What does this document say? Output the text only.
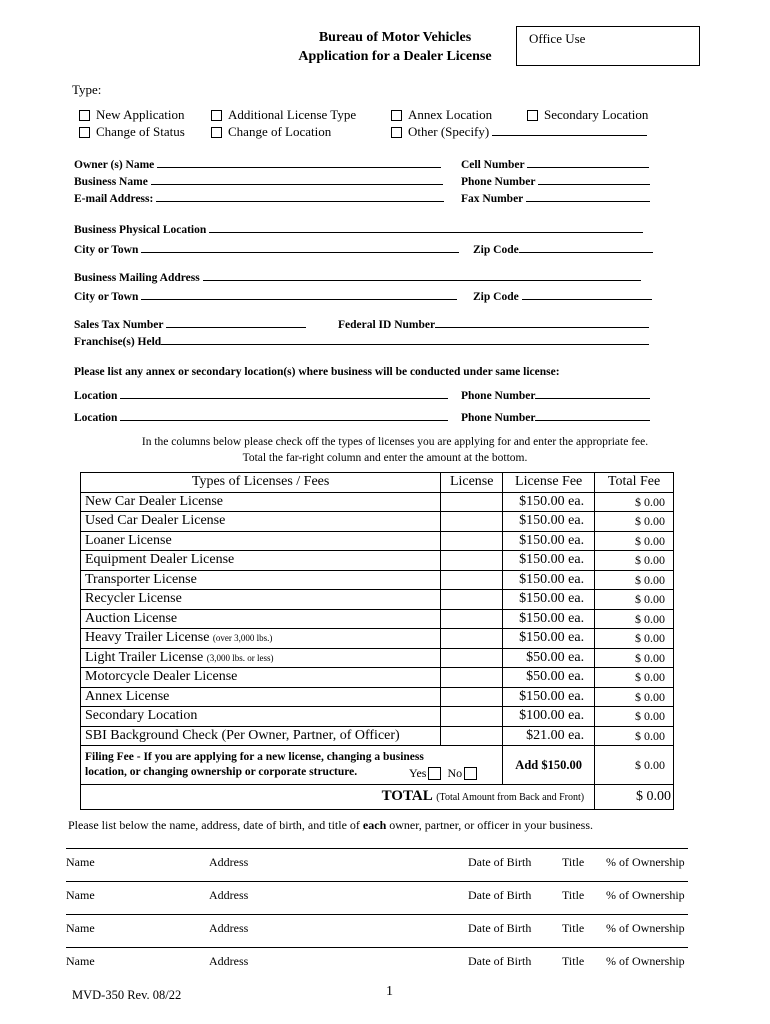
Bureau of Motor Vehicles
Application for a Dealer License
Office Use
Type:
New Application
Change of Status
Additional License Type
Change of Location
Annex Location
Other (Specify)
Secondary Location
Owner (s) Name
Business Name
E-mail Address:
Cell Number
Phone Number
Fax Number
Business Physical Location
City or Town	Zip Code
Business Mailing Address
City or Town	Zip Code
Sales Tax Number	Federal ID Number
Franchise(s) Held
Please list any annex or secondary location(s) where business will be conducted under same license:
Location	Phone Number
Location	Phone Number
In the columns below please check off the types of licenses you are applying for and enter the appropriate fee.
Total the far-right column and enter the amount at the bottom.
Types of Licenses / Fees	License	License Fee	Total Fee
New Car Dealer License		$150.00 ea.	$ 0.00
Used Car Dealer License		$150.00 ea.	$ 0.00
Loaner License		$150.00 ea.	$ 0.00
Equipment Dealer License		$150.00 ea.	$ 0.00
Transporter License		$150.00 ea.	$ 0.00
Recycler License		$150.00 ea.	$ 0.00
Auction License		$150.00 ea.	$ 0.00
Heavy Trailer License (over 3,000 lbs.)		$150.00 ea.	$ 0.00
Light Trailer License (3,000 lbs. or less)		$50.00 ea.	$ 0.00
Motorcycle Dealer License		$50.00 ea.	$ 0.00
Annex License		$150.00 ea.	$ 0.00
Secondary Location		$100.00 ea.	$ 0.00
SBI Background Check (Per Owner, Partner, of Officer)		$21.00 ea.	$ 0.00

Filing Fee - If you are applying for a new license, changing a business
location, or changing ownership or corporate structure. Yes No		Add $150.00	$ 0.00
TOTAL (Total Amount from Back and Front)			$ 0.00
Please list below the name, address, date of birth, and title of each owner, partner, or officer in your business.
Name	Address	Date of Birth	Title % of Ownership
Name	Address	Date of Birth	Title % of Ownership
Name	Address	Date of Birth	Title % of Ownership
Name	Address	Date of Birth	Title % of Ownership
MVD-350 Rev. 08/22	1
